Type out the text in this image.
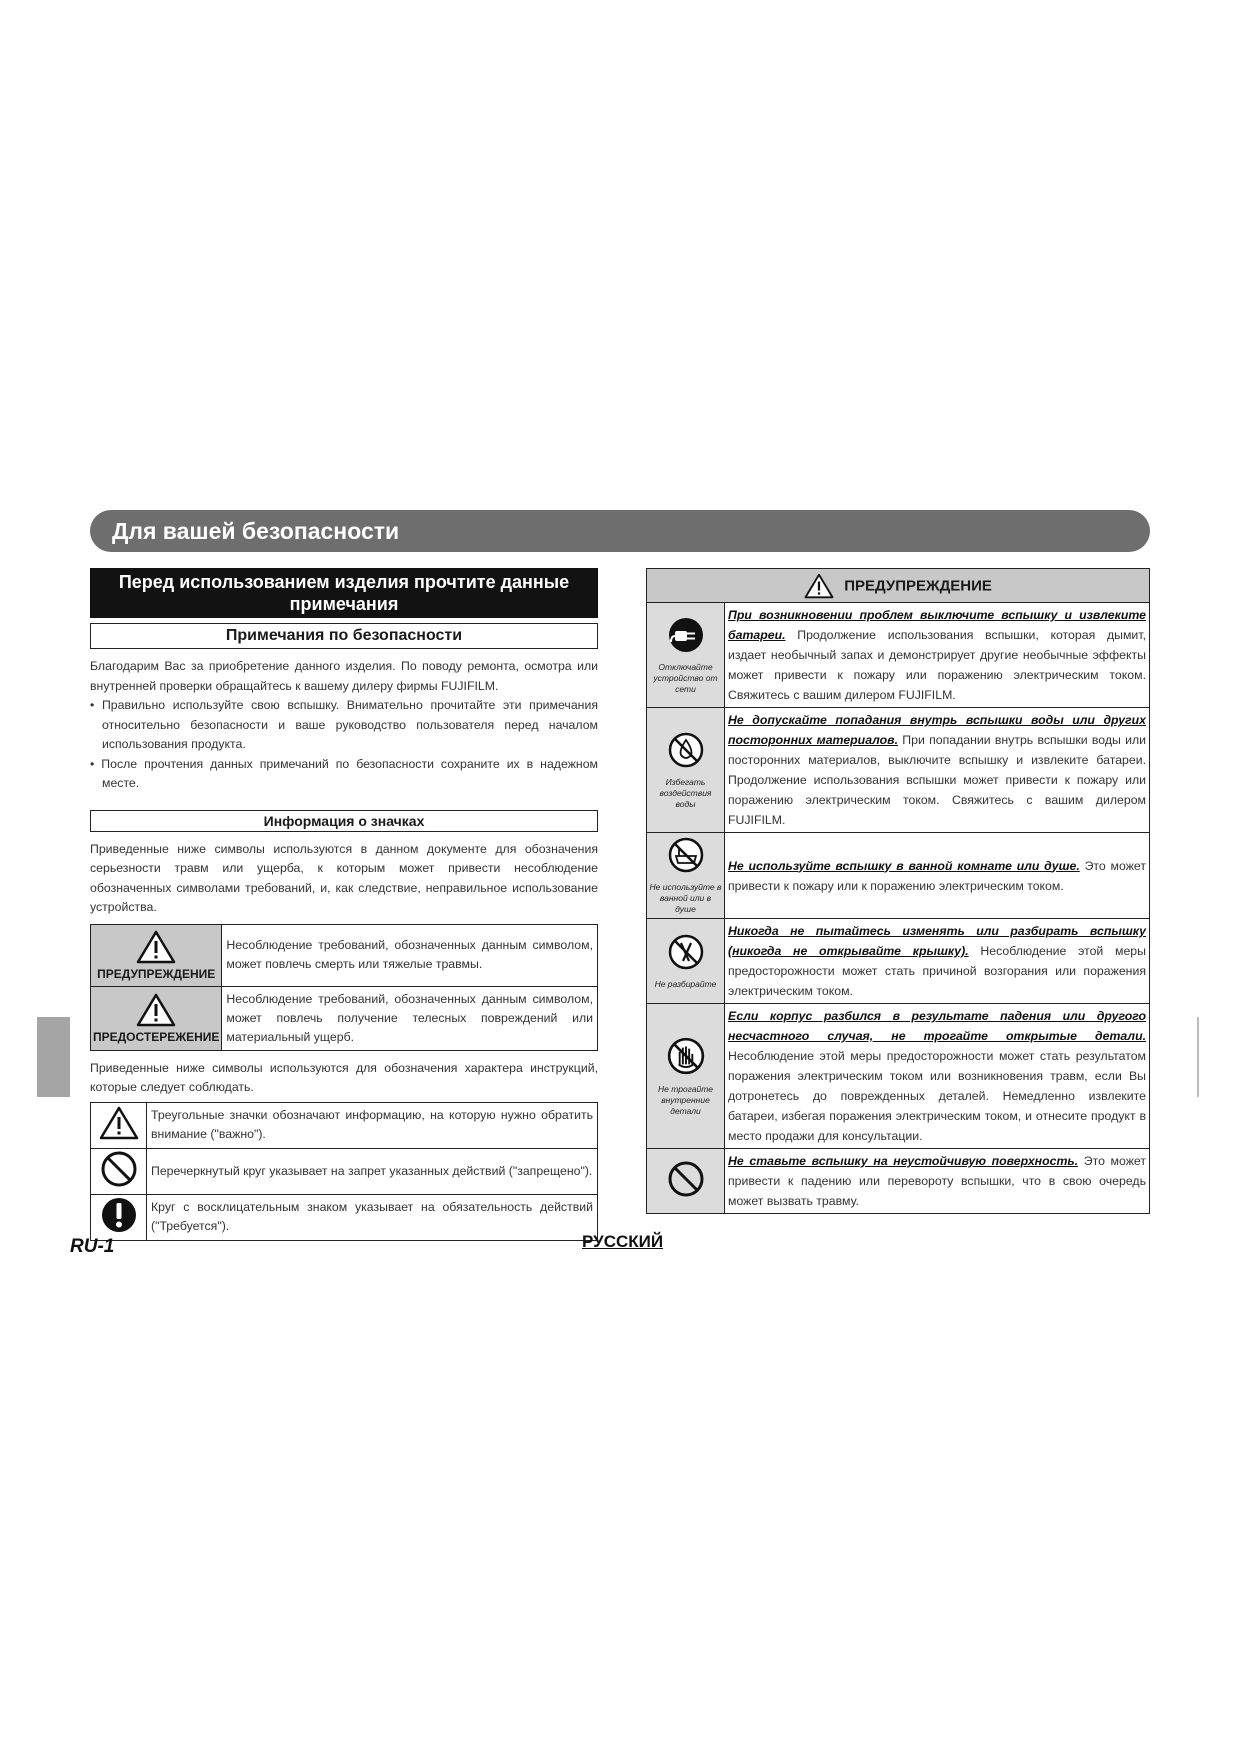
Для вашей безопасности
Перед использованием изделия прочтите данные примечания
Примечания по безопасности
Благодарим Вас за приобретение данного изделия. По поводу ремонта, осмотра или внутренней проверки обращайтесь к вашему дилеру фирмы FUJIFILM.
• Правильно используйте свою вспышку. Внимательно прочитайте эти примечания относительно безопасности и ваше руководство пользователя перед началом использования продукта.
• После прочтения данных примечаний по безопасности сохраните их в надежном месте.
Информация о значках
Приведенные ниже символы используются в данном документе для обозначения серьезности травм или ущерба, к которым может привести несоблюдение обозначенных символами требований, и, как следствие, неправильное использование устройства.
ПРЕДУПРЕЖДЕНИЕ	Несоблюдение требований, обозначенных данным символом, может повлечь смерть или тяжелые травмы.

ПРЕДОСТЕРЕЖЕНИЕ	Несоблюдение требований, обозначенных данным символом, может повлечь получение телесных повреждений или материальный ущерб.
Приведенные ниже символы используются для обозначения характера инструкций, которые следует соблюдать.
	Треугольные значки обозначают информацию, на которую нужно обратить внимание ("важно").
	Перечеркнутый круг указывает на запрет указанных действий ("запрещено").
	Круг с восклицательным знаком указывает на обязательность действий ("Требуется").
ПРЕДУПРЕЖДЕНИЕ	

Отключайте устройство от сети	При возникновении проблем выключите вспышку и извлеките батареи. Продолжение использования вспышки, которая дымит, издает необычный запах и демонстрирует другие необычные эффекты может привести к пожару или поражению электрическим током. Свяжитесь с вашим дилером FUJIFILM.

Избегать воздействия воды	Не допускайте попадания внутрь вспышки воды или других посторонних материалов. При попадании внутрь вспышки воды или посторонних материалов, выключите вспышку и извлеките батареи. Продолжение использования вспышки может привести к пожару или поражению электрическим током. Свяжитесь с вашим дилером FUJIFILM.

Не используйте в ванной или в душе	Не используйте вспышку в ванной комнате или душе. Это может привести к пожару или к поражению электрическим током.

Не разбирайте	Никогда не пытайтесь изменять или разбирать вспышку (никогда не открывайте крышку). Несоблюдение этой меры предосторожности может стать причиной возгорания или поражения электрическим током.

Не трогайте внутренние детали	Если корпус разбился в результате падения или другого несчастного случая, не трогайте открытые детали. Несоблюдение этой меры предосторожности может стать результатом поражения электрическим током или возникновения травм, если Вы дотронетесь до поврежденных деталей. Немедленно извлеките батареи, избегая поражения электрическим током, и отнесите продукт в место продажи для консультации.
	Не ставьте вспышку на неустойчивую поверхность. Это может привести к падению или перевороту вспышки, что в свою очередь может вызвать травму.
RU-1	РУССКИЙ
